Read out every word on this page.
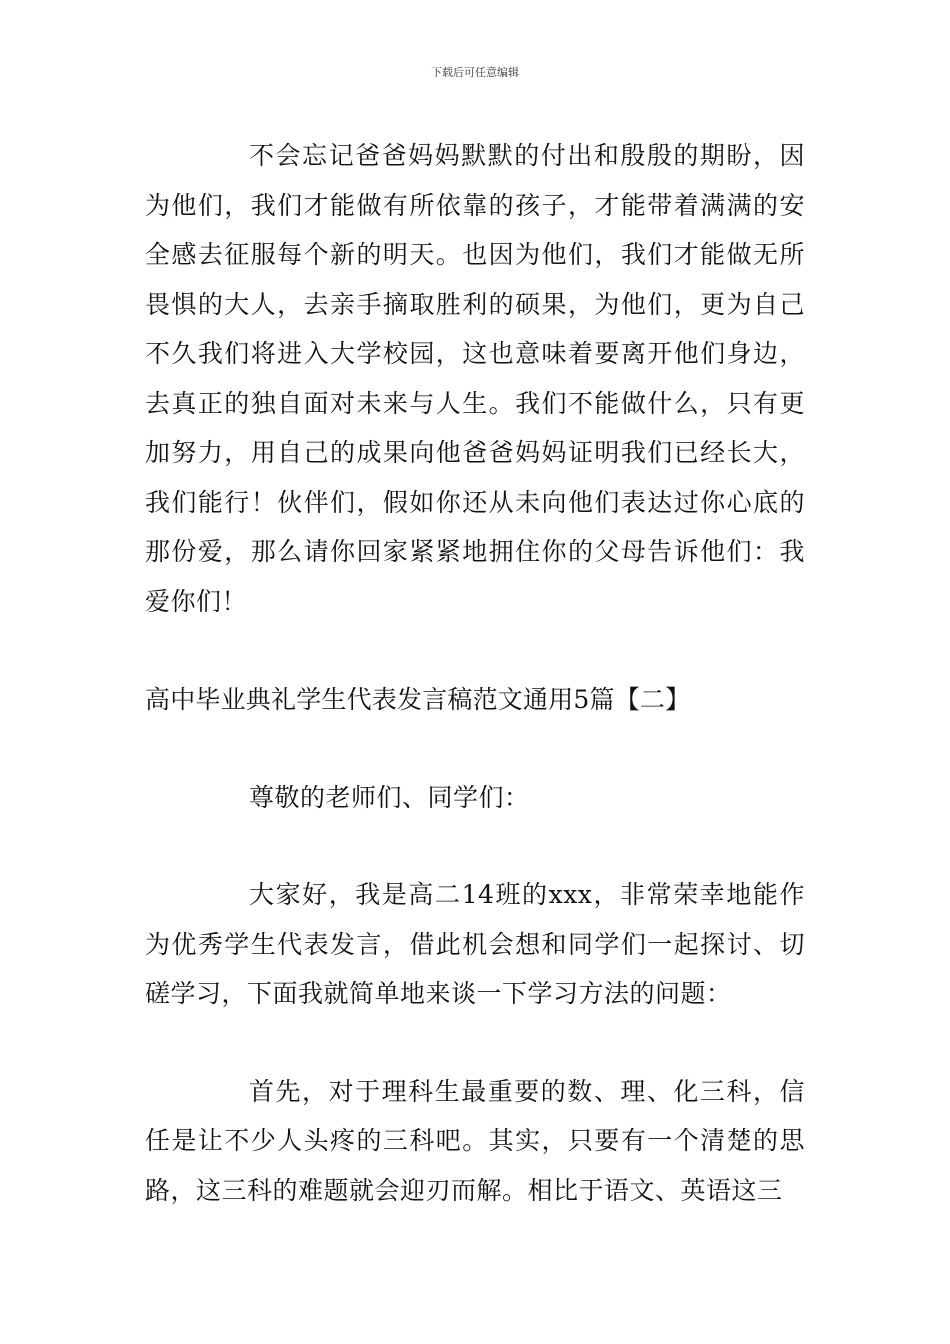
下载后可任意编辑

不会忘记爸爸妈妈默默的付出和殷殷的期盼，因为他们，我们才能做有所依靠的孩子，才能带着满满的安全感去征服每个新的明天。也因为他们，我们才能做无所畏惧的大人，去亲手摘取胜利的硕果，为他们，更为自己不久我们将进入大学校园，这也意味着要离开他们身边，去真正的独自面对未来与人生。我们不能做什么，只有更加努力，用自己的成果向他爸爸妈妈证明我们已经长大，我们能行！伙伴们，假如你还从未向他们表达过你心底的那份爱，那么请你回家紧紧地拥住你的父母告诉他们：我爱你们！

高中毕业典礼学生代表发言稿范文通用5篇【二】

尊敬的老师们、同学们：

大家好，我是高二14班的xxx，非常荣幸地能作为优秀学生代表发言，借此机会想和同学们一起探讨、切磋学习，下面我就简单地来谈一下学习方法的问题：

首先，对于理科生最重要的数、理、化三科，信任是让不少人头疼的三科吧。其实，只要有一个清楚的思路，这三科的难题就会迎刃而解。相比于语文、英语这三
